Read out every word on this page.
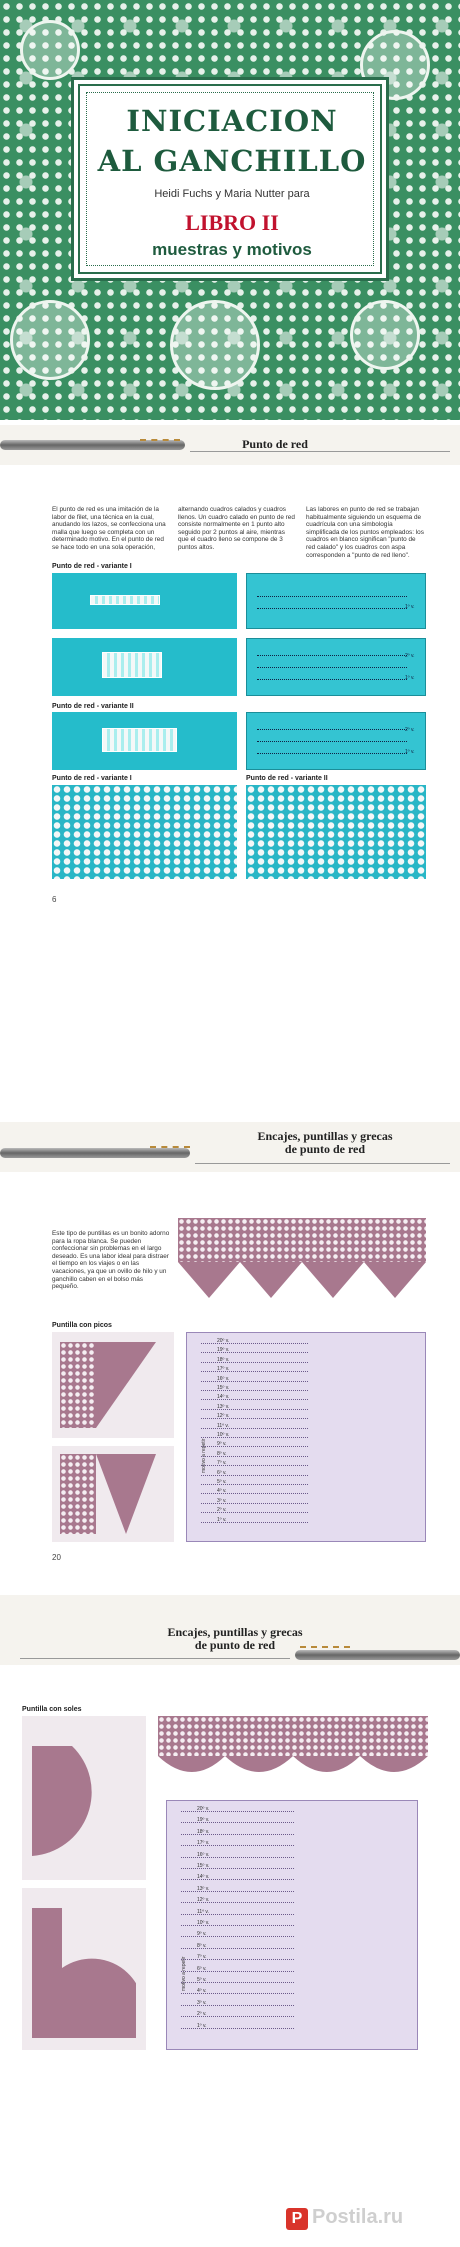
INICIACION
AL GANCHILLO
Heidi Fuchs y Maria Nutter para
LIBRO II
muestras y motivos
Punto de red
El punto de red es una imitación de la labor de filet, una técnica en la cual, anudando los lazos, se confecciona una malla que luego se completa con un determinado motivo. En el punto de red se hace todo en una sola operación,
alternando cuadros calados y cuadros llenos. Un cuadro calado en punto de red consiste normalmente en 1 punto alto seguido por 2 puntos al aire, mientras que el cuadro lleno se compone de 3 puntos altos.
Las labores en punto de red se trabajan habitualmente siguiendo un esquema de cuadrícula con una simbología simplificada de los puntos empleados: los cuadros en blanco significan "punto de red calado" y los cuadros con aspa corresponden a "punto de red lleno".
Punto de red - variante I
1º v.
2º v.
1º v.
Punto de red - variante II
2º v.
1º v.
Punto de red - variante I	Punto de red - variante II
6
Encajes, puntillas y grecas
de punto de red
Este tipo de puntillas es un bonito adorno para la ropa blanca. Se pueden confeccionar sin problemas en el largo deseado. Es una labor ideal para distraer el tiempo en los viajes o en las vacaciones, ya que un ovillo de hilo y un ganchillo caben en el bolso más pequeño.
Puntilla con picos
motivo a repetir
20º v.
19º v.
18º v.
17º v.
16º v.
15º v.
14º v.
13º v.
12º v.
11º v.
10º v.
9º v.
8º v.
7º v.
6º v.
5º v.
4º v.
3º v.
2º v.
1º v.
20
Encajes, puntillas y grecas
de punto de red
Puntilla con soles
motivo a repetir
20º v.
19º v.
18º v.
17º v.
16º v.
15º v.
14º v.
13º v.
12º v.
11º v.
10º v.
9º v.
8º v.
7º v.
6º v.
5º v.
4º v.
3º v.
2º v.
1º v.
P Postila.ru
